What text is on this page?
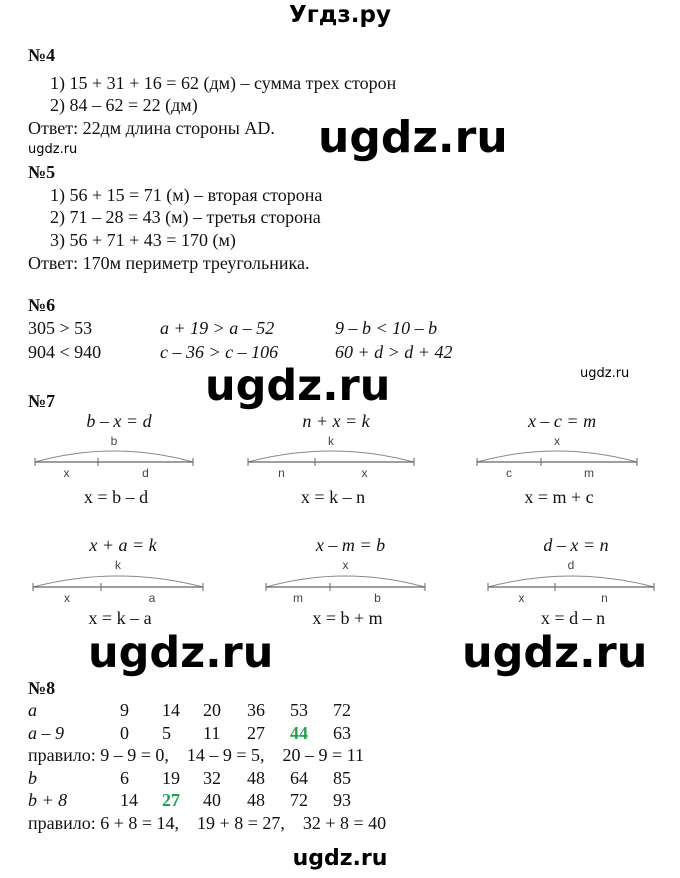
Угдз.ру
№4
1) 15 + 31 + 16 = 62 (дм) – сумма трех сторон
2) 84 – 62 = 22 (дм)
Ответ: 22дм длина стороны AD. ugdz.ru
ugdz.ru
№5
1) 56 + 15 = 71 (м) – вторая сторона
2) 71 – 28 = 43 (м) – третья сторона
3) 56 + 71 + 43 = 170 (м)
Ответ: 170м периметр треугольника.
№6
305 > 53	a + 19 > a – 52	9 – b < 10 – b
904 < 940	c – 36 > c – 106	60 + d > d + 42
ugdz.ru
ugdz.ru
№7
ugdz.ru	ugdz.ru
№8
ugdz.ru
b – x = d
b
x	d
x = b – d
n + x = k
k
n	x
x = k – n
x – c = m
x
c	m
x = m + c
x + a = k
k
x	a
x = k – a
x – m = b
x
m	b
x = b + m
d – x = n
d
x	n
x = d – n
a	9 14 20 36 53 72
a – 9	0 5 11 27 44 63
правило: 9 – 9 = 0,    14 – 9 = 5,    20 – 9 = 11
b	6 19 32 48 64 85
b + 8	14 27 40 48 72 93
правило: 6 + 8 = 14,    19 + 8 = 27,    32 + 8 = 40
